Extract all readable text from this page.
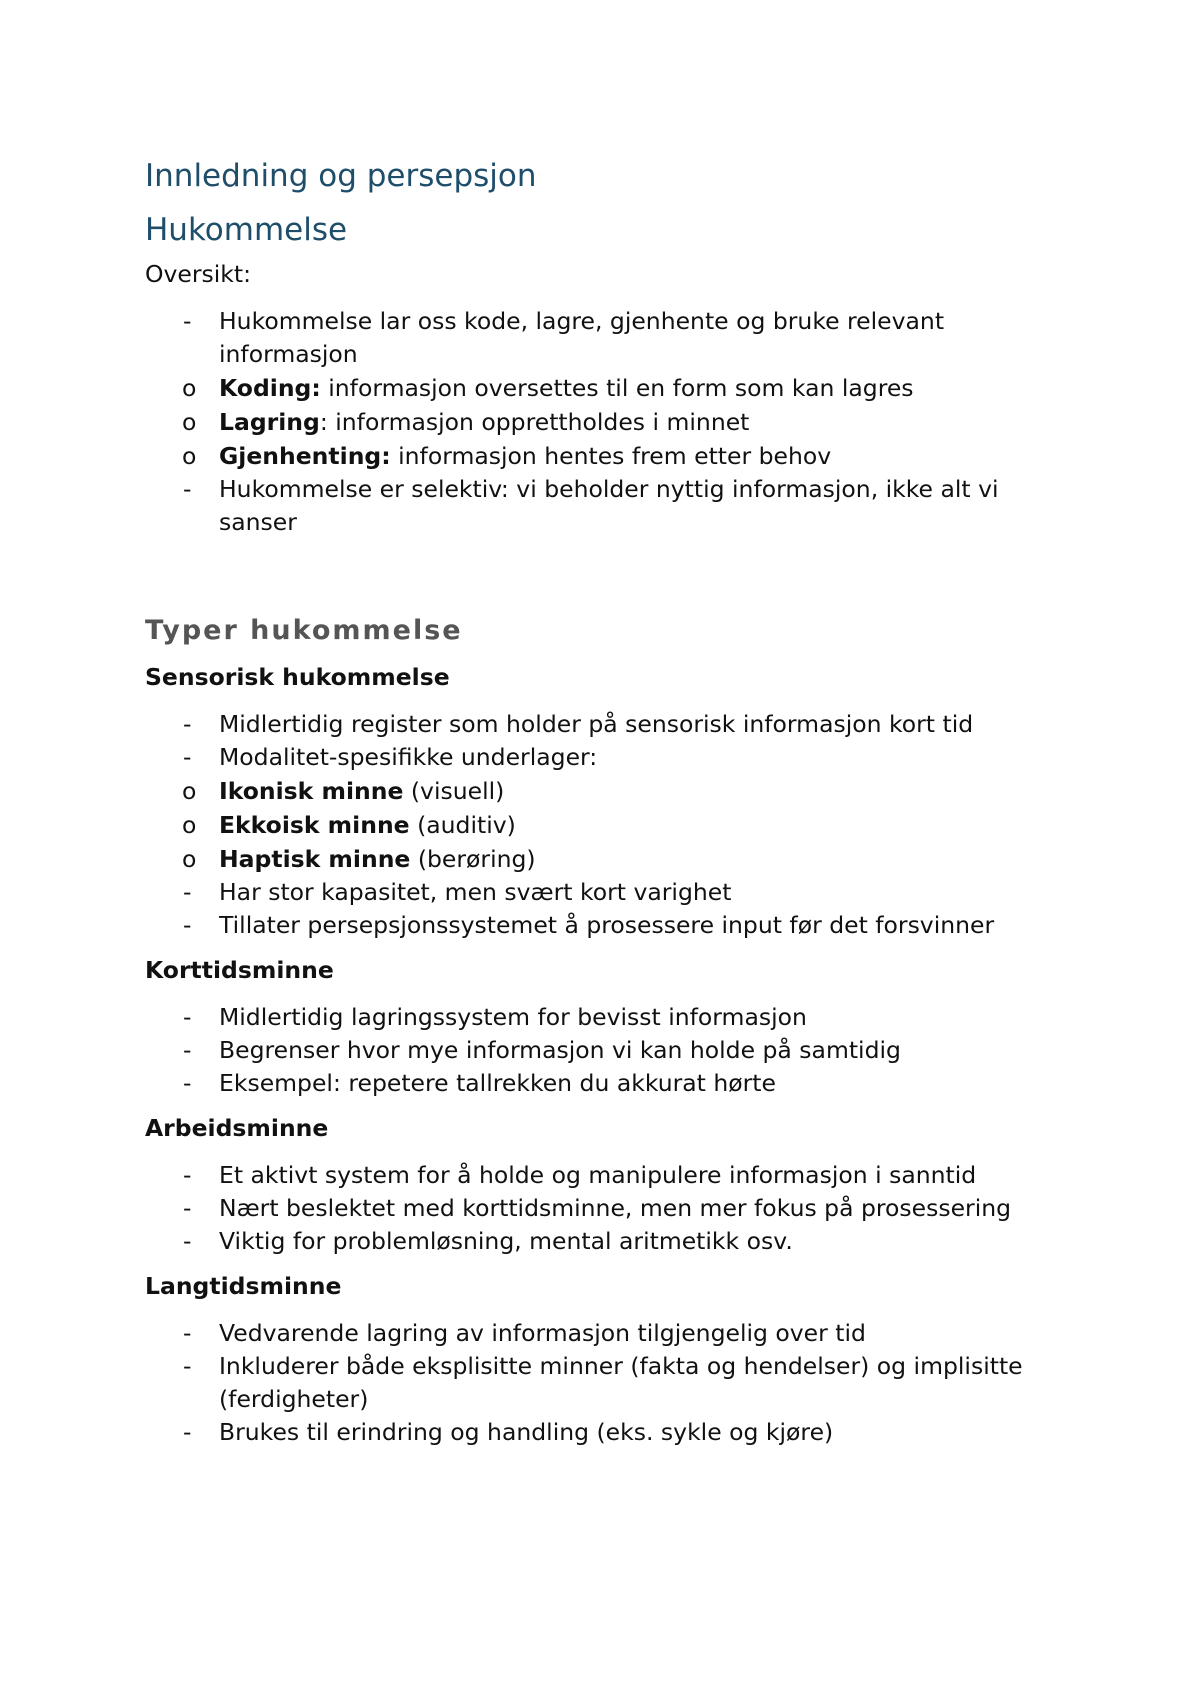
Innledning og persepsjon
Hukommelse

Oversikt:

- Hukommelse lar oss kode, lagre, gjenhente og bruke relevant informasjon
o Koding: informasjon oversettes til en form som kan lagres
o Lagring: informasjon opprettholdes i minnet
o Gjenhenting: informasjon hentes frem etter behov
- Hukommelse er selektiv: vi beholder nyttig informasjon, ikke alt vi sanser
Typer hukommelse
Sensorisk hukommelse
- Midlertidig register som holder på sensorisk informasjon kort tid
- Modalitet-spesifikke underlager:
o Ikonisk minne (visuell)
o Ekkoisk minne (auditiv)
o Haptisk minne (berøring)
- Har stor kapasitet, men svært kort varighet
- Tillater persepsjonssystemet å prosessere input før det forsvinner
Korttidsminne
- Midlertidig lagringssystem for bevisst informasjon
- Begrenser hvor mye informasjon vi kan holde på samtidig
- Eksempel: repetere tallrekken du akkurat hørte
Arbeidsminne
- Et aktivt system for å holde og manipulere informasjon i sanntid
- Nært beslektet med korttidsminne, men mer fokus på prosessering
- Viktig for problemløsning, mental aritmetikk osv.
Langtidsminne
- Vedvarende lagring av informasjon tilgjengelig over tid
- Inkluderer både eksplisitte minner (fakta og hendelser) og implisitte (ferdigheter)
- Brukes til erindring og handling (eks. sykle og kjøre)
